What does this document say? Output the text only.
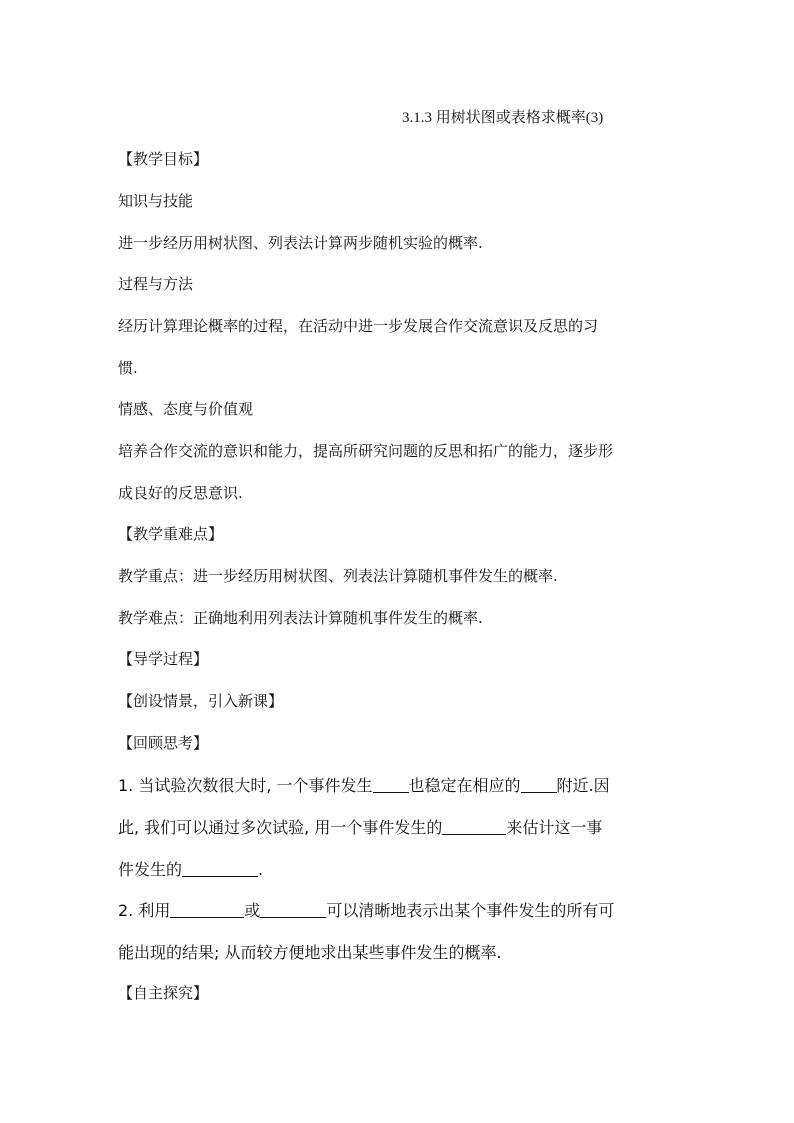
3.1.3 用树状图或表格求概率(3)
【教学目标】
知识与技能
进一步经历用树状图、列表法计算两步随机实验的概率.
过程与方法
经历计算理论概率的过程，在活动中进一步发展合作交流意识及反思的习
惯.
情感、态度与价值观
培养合作交流的意识和能力，提高所研究问题的反思和拓广的能力，逐步形
成良好的反思意识.
【教学重难点】
教学重点：进一步经历用树状图、列表法计算随机事件发生的概率.
教学难点：正确地利用列表法计算随机事件发生的概率.
【导学过程】
【创设情景，引入新课】
【回顾思考】
1. 当试验次数很大时, 一个事件发生 也稳定在相应的 附近.因
此, 我们可以通过多次试验, 用一个事件发生的	来估计这一事
件发生的	.
2. 利用	或	可以清晰地表示出某个事件发生的所有可
能出现的结果; 从而较方便地求出某些事件发生的概率.
【自主探究】
